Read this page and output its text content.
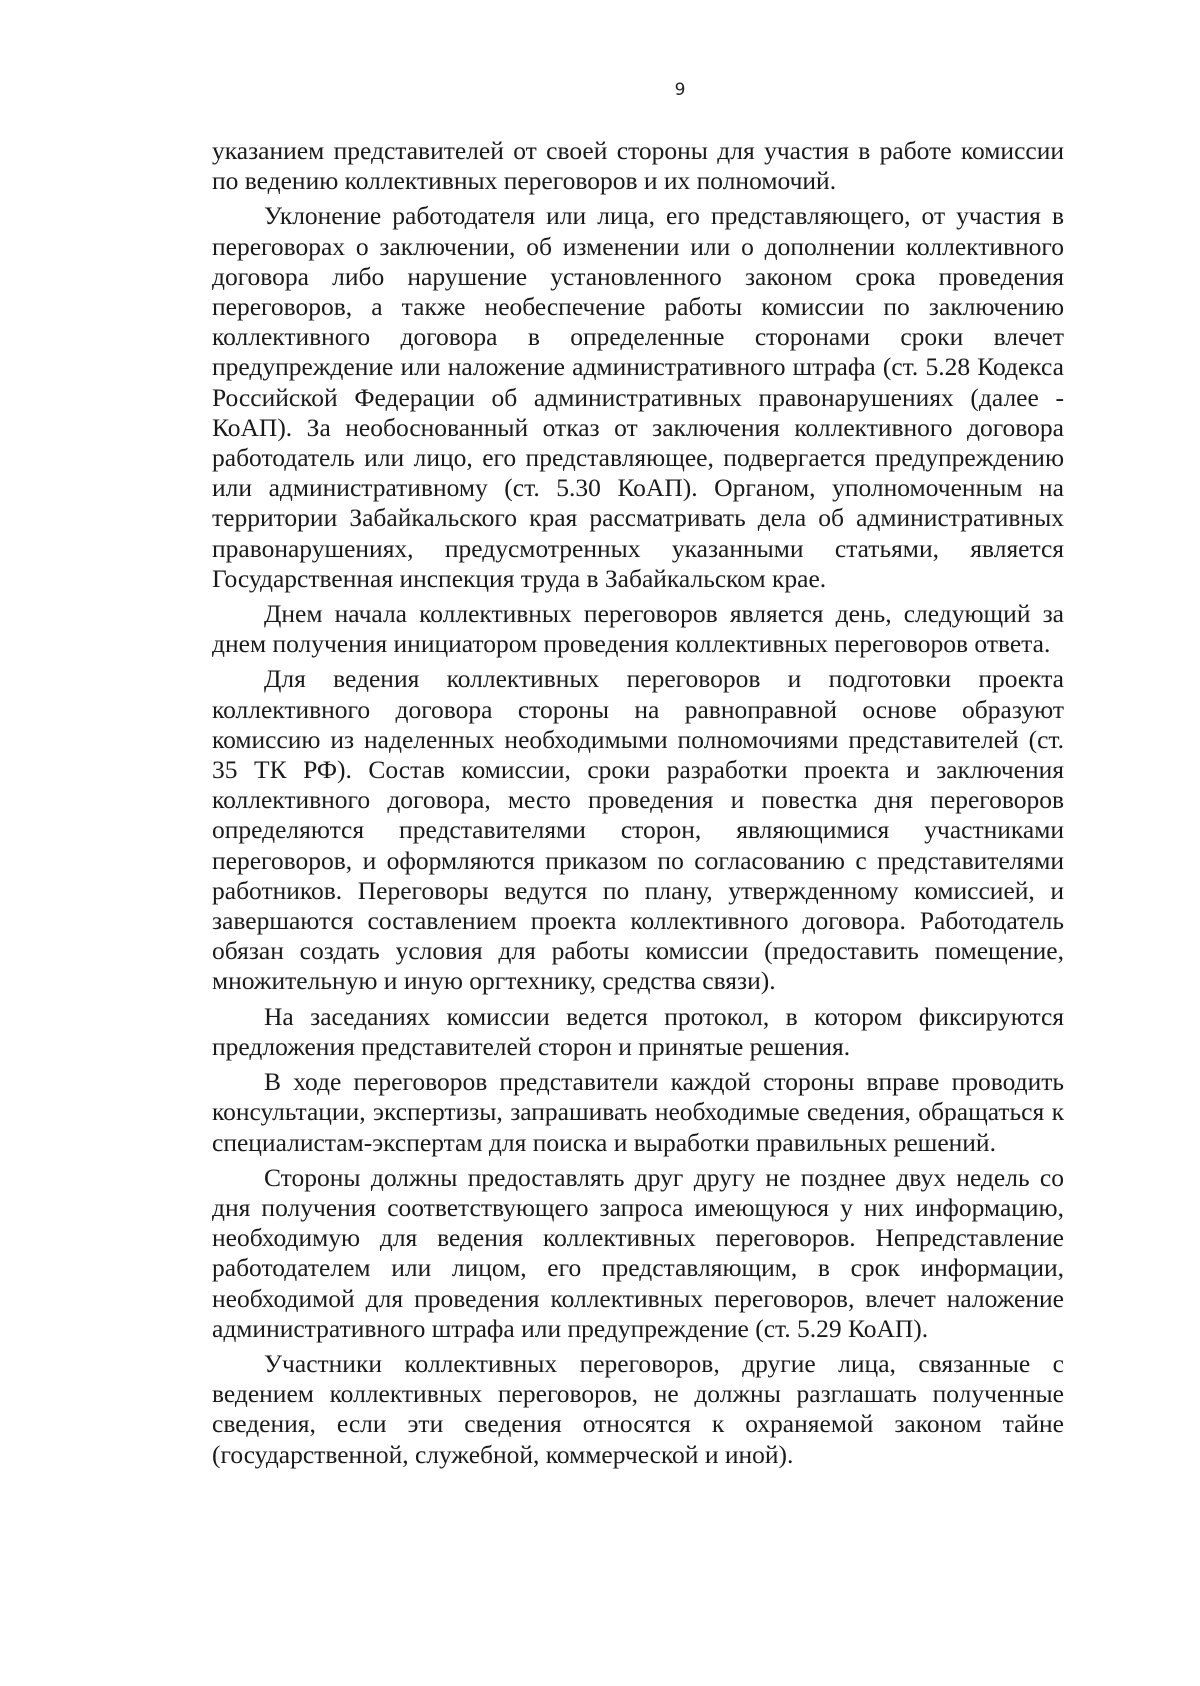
9

указанием представителей от своей стороны для участия в работе комиссии по ведению коллективных переговоров и их полномочий.

Уклонение работодателя или лица, его представляющего, от участия в переговорах о заключении, об изменении или о дополнении коллективного договора либо нарушение установленного законом срока проведения переговоров, а также необеспечение работы комиссии по заключению коллективного договора в определенные сторонами сроки влечет предупреждение или наложение административного штрафа (ст. 5.28 Кодекса Российской Федерации об административных правонарушениях (далее - КоАП). За необоснованный отказ от заключения коллективного договора работодатель или лицо, его представляющее, подвергается предупреждению или административному (ст. 5.30 КоАП). Органом, уполномоченным на территории Забайкальского края рассматривать дела об административных правонарушениях, предусмотренных указанными статьями, является Государственная инспекция труда в Забайкальском крае.

Днем начала коллективных переговоров является день, следующий за днем получения инициатором проведения коллективных переговоров ответа.

Для ведения коллективных переговоров и подготовки проекта коллективного договора стороны на равноправной основе образуют комиссию из наделенных необходимыми полномочиями представителей (ст. 35 ТК РФ). Состав комиссии, сроки разработки проекта и заключения коллективного договора, место проведения и повестка дня переговоров определяются представителями сторон, являющимися участниками переговоров, и оформляются приказом по согласованию с представителями работников. Переговоры ведутся по плану, утвержденному комиссией, и завершаются составлением проекта коллективного договора. Работодатель обязан создать условия для работы комиссии (предоставить помещение, множительную и иную оргтехнику, средства связи).

На заседаниях комиссии ведется протокол, в котором фиксируются предложения представителей сторон и принятые решения.

В ходе переговоров представители каждой стороны вправе проводить консультации, экспертизы, запрашивать необходимые сведения, обращаться к специалистам-экспертам для поиска и выработки правильных решений.

Стороны должны предоставлять друг другу не позднее двух недель со дня получения соответствующего запроса имеющуюся у них информацию, необходимую для ведения коллективных переговоров. Непредставление работодателем или лицом, его представляющим, в срок информации, необходимой для проведения коллективных переговоров, влечет наложение административного штрафа или предупреждение (ст. 5.29 КоАП).

Участники коллективных переговоров, другие лица, связанные с ведением коллективных переговоров, не должны разглашать полученные сведения, если эти сведения относятся к охраняемой законом тайне (государственной, служебной, коммерческой и иной).
